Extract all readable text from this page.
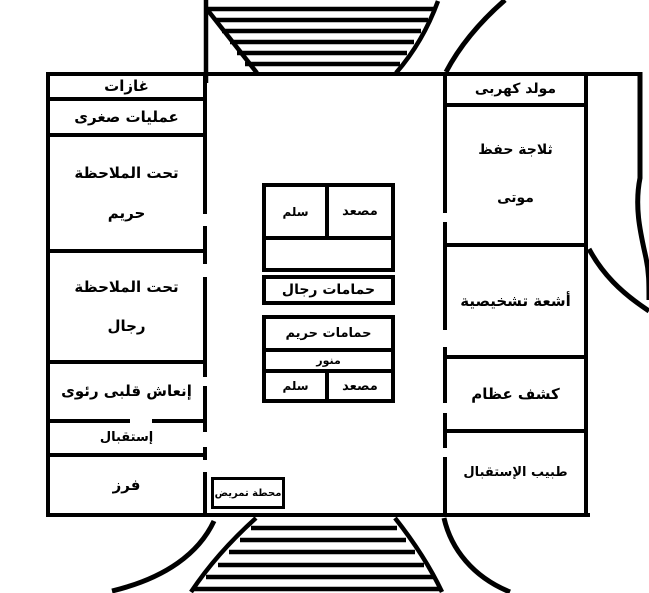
غازات
عمليات صغرى
تحت الملاحظة
حريم
تحت الملاحظة
رجال
إنعاش قلبى رئوى
إستقبال
فرز
مولد كهربى
ثلاجة حفظ
موتى
أشعة تشخيصية
كشف عظام
طبيب الإستقبال
سلم	مصعد
حمامات رجال
حمامات حريم
منور
سلم	مصعد
محطة تمريض
